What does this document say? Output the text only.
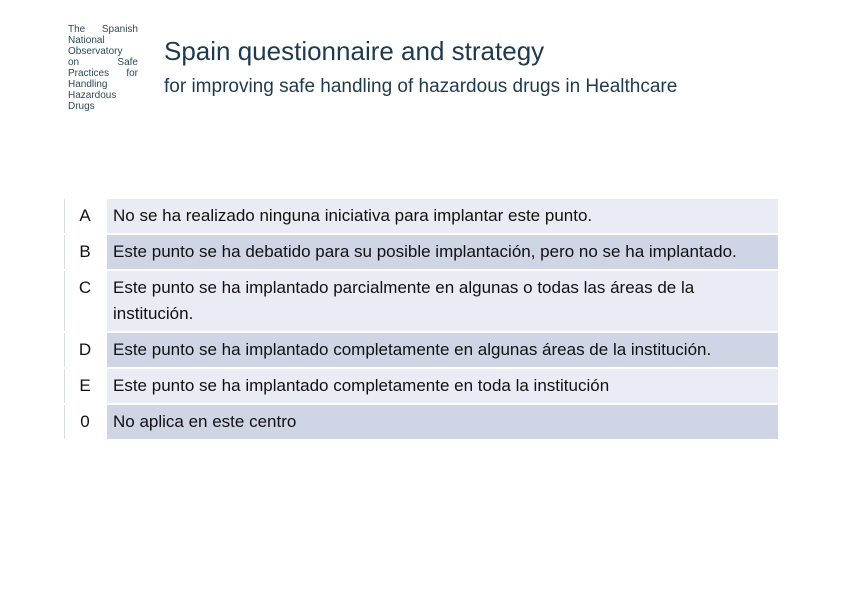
The Spanish
National
Observatory
on Safe
Practices for
Handling
Hazardous
Drugs
Spain questionnaire and strategy
for improving safe handling of hazardous drugs in Healthcare
A	No se ha realizado ninguna iniciativa para implantar este punto.
B	Este punto se ha debatido para su posible implantación, pero no se ha implantado.
C	Este punto se ha implantado parcialmente en algunas o todas las áreas de la institución.
D	Este punto se ha implantado completamente en algunas áreas de la institución.
E	Este punto se ha implantado completamente en toda la institución
0	No aplica en este centro
